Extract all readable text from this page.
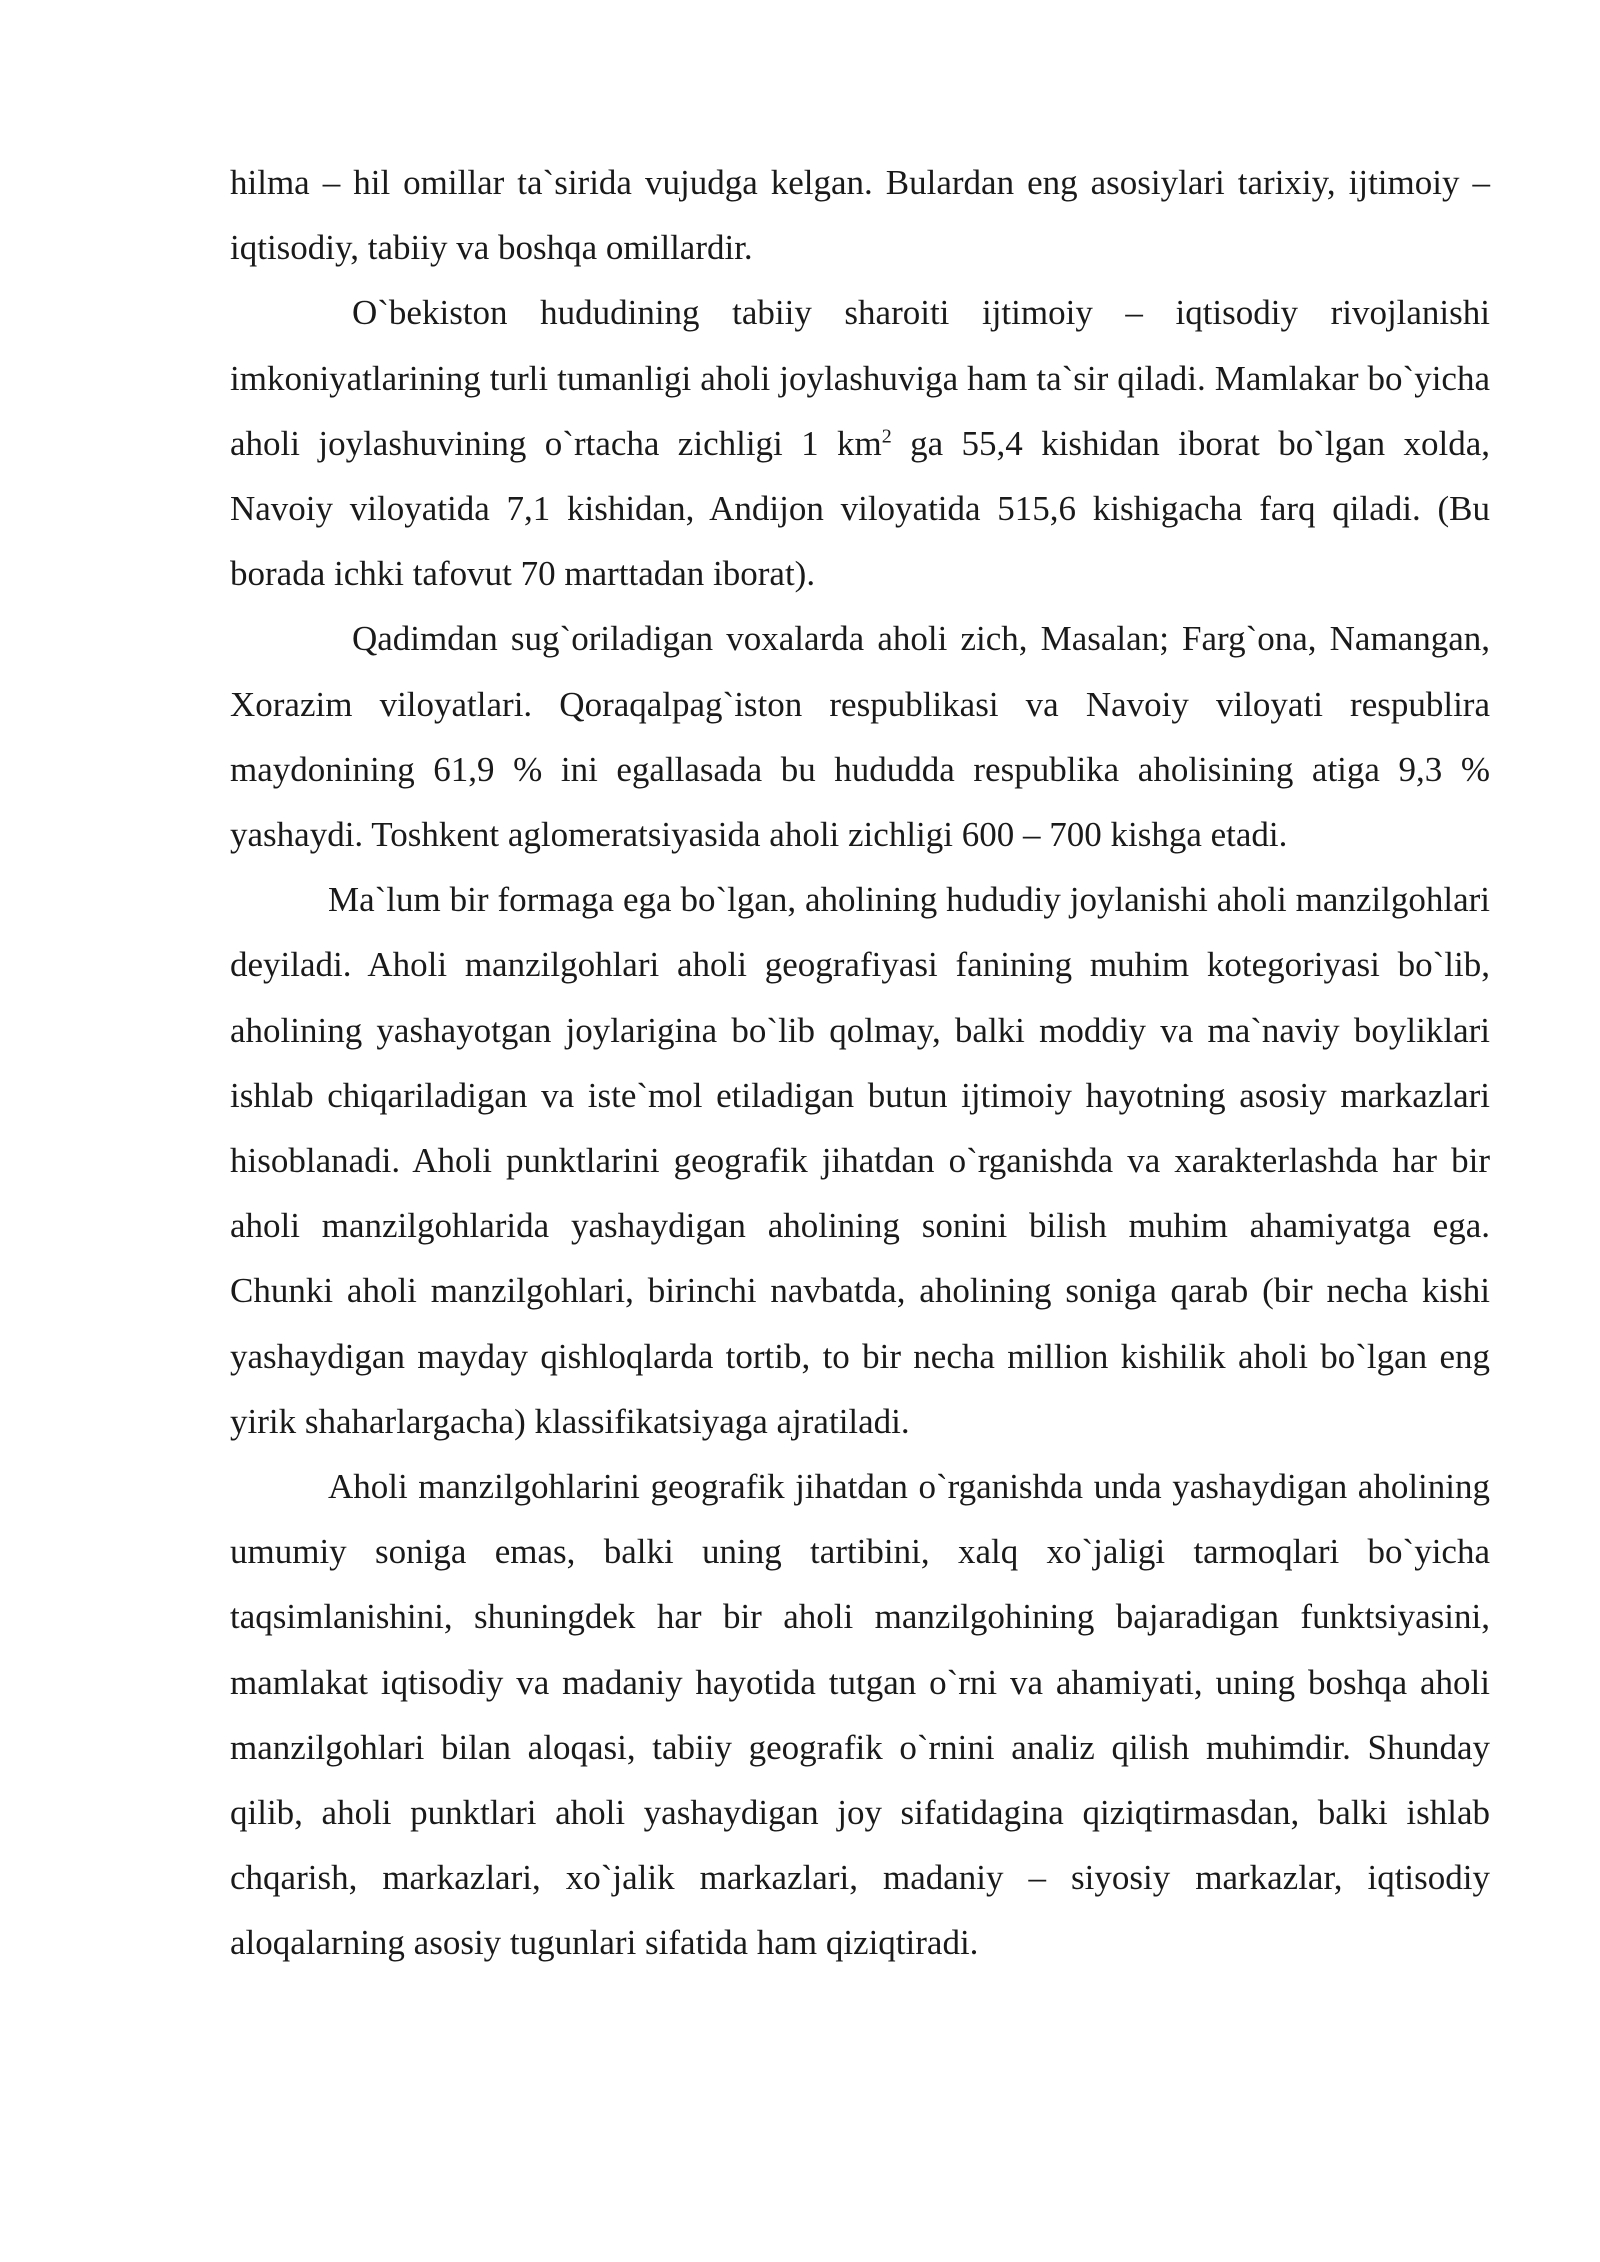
hilma – hil omillar ta`sirida vujudga kelgan. Bulardan eng asosiylari tarixiy, ijtimoiy – iqtisodiy, tabiiy va boshqa omillardir.

O`bekiston hududining tabiiy sharoiti ijtimoiy – iqtisodiy rivojlanishi imkoniyatlarining turli tumanligi aholi joylashuviga ham ta`sir qiladi. Mamlakar bo`yicha aholi joylashuvining o`rtacha zichligi 1 $km^2$ ga 55,4 kishidan iborat bo`lgan xolda, Navoiy viloyatida 7,1 kishidan, Andijon viloyatida 515,6 kishigacha farq qiladi. (Bu borada ichki tafovut 70 marttadan iborat).

Qadimdan sug`oriladigan voxalarda aholi zich, Masalan; Farg`ona, Namangan, Xorazim viloyatlari. Qoraqalpag`iston respublikasi va Navoiy viloyati respublira maydonining 61,9 % ini egallasada bu hududda respublika aholisining atiga 9,3 % yashaydi. Toshkent aglomeratsiyasida aholi zichligi 600 – 700 kishga etadi.

Ma`lum bir formaga ega bo`lgan, aholining hududiy joylanishi aholi manzilgohlari deyiladi. Aholi manzilgohlari aholi geografiyasi fanining muhim kotegoriyasi bo`lib, aholining yashayotgan joylarigina bo`lib qolmay, balki moddiy va ma`naviy boyliklari ishlab chiqariladigan va iste`mol etiladigan butun ijtimoiy hayotning asosiy markazlari hisoblanadi. Aholi punktlarini geografik jihatdan o`rganishda va xarakterlashda har bir aholi manzilgohlarida yashaydigan aholining sonini bilish muhim ahamiyatga ega. Chunki aholi manzilgohlari, birinchi navbatda, aholining soniga qarab (bir necha kishi yashaydigan mayday qishloqlarda tortib, to bir necha million kishilik aholi bo`lgan eng yirik shaharlargacha) klassifikatsiyaga ajratiladi.

Aholi manzilgohlarini geografik jihatdan o`rganishda unda yashaydigan aholining umumiy soniga emas, balki uning tartibini, xalq xo`jaligi tarmoqlari bo`yicha taqsimlanishini, shuningdek har bir aholi manzilgohining bajaradigan funktsiyasini, mamlakat iqtisodiy va madaniy hayotida tutgan o`rni va ahamiyati, uning boshqa aholi manzilgohlari bilan aloqasi, tabiiy geografik o`rnini analiz qilish muhimdir. Shunday qilib, aholi punktlari aholi yashaydigan joy sifatidagina qiziqtirmasdan, balki ishlab chqarish, markazlari, xo`jalik markazlari, madaniy – siyosiy markazlar, iqtisodiy aloqalarning asosiy tugunlari sifatida ham qiziqtiradi.
